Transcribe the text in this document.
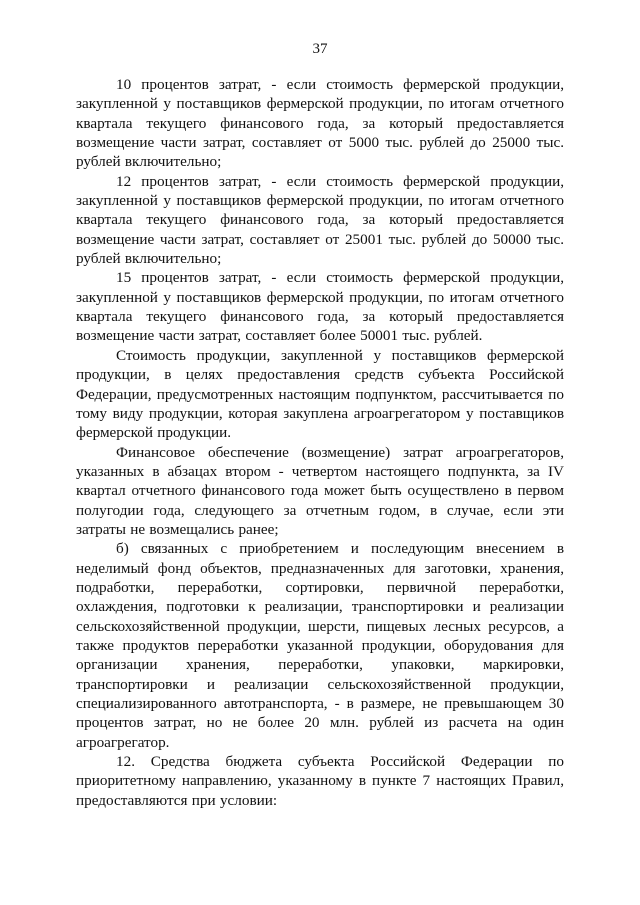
37

10 процентов затрат, - если стоимость фермерской продукции, закупленной у поставщиков фермерской продукции, по итогам отчетного квартала текущего финансового года, за который предоставляется возмещение части затрат, составляет от 5000 тыс. рублей до 25000 тыс. рублей включительно;

12 процентов затрат, - если стоимость фермерской продукции, закупленной у поставщиков фермерской продукции, по итогам отчетного квартала текущего финансового года, за который предоставляется возмещение части затрат, составляет от 25001 тыс. рублей до 50000 тыс. рублей включительно;

15 процентов затрат, - если стоимость фермерской продукции, закупленной у поставщиков фермерской продукции, по итогам отчетного квартала текущего финансового года, за который предоставляется возмещение части затрат, составляет более 50001 тыс. рублей.

Стоимость продукции, закупленной у поставщиков фермерской продукции, в целях предоставления средств субъекта Российской Федерации, предусмотренных настоящим подпунктом, рассчитывается по тому виду продукции, которая закуплена агроагрегатором у поставщиков фермерской продукции.

Финансовое обеспечение (возмещение) затрат агроагрегаторов, указанных в абзацах втором - четвертом настоящего подпункта, за IV квартал отчетного финансового года может быть осуществлено в первом полугодии года, следующего за отчетным годом, в случае, если эти затраты не возмещались ранее;

б) связанных с приобретением и последующим внесением в неделимый фонд объектов, предназначенных для заготовки, хранения, подработки, переработки, сортировки, первичной переработки, охлаждения, подготовки к реализации, транспортировки и реализации сельскохозяйственной продукции, шерсти, пищевых лесных ресурсов, а также продуктов переработки указанной продукции, оборудования для организации хранения, переработки, упаковки, маркировки, транспортировки и реализации сельскохозяйственной продукции, специализированного автотранспорта, - в размере, не превышающем 30 процентов затрат, но не более 20 млн. рублей из расчета на один агроагрегатор.

12. Средства бюджета субъекта Российской Федерации по приоритетному направлению, указанному в пункте 7 настоящих Правил, предоставляются при условии:
